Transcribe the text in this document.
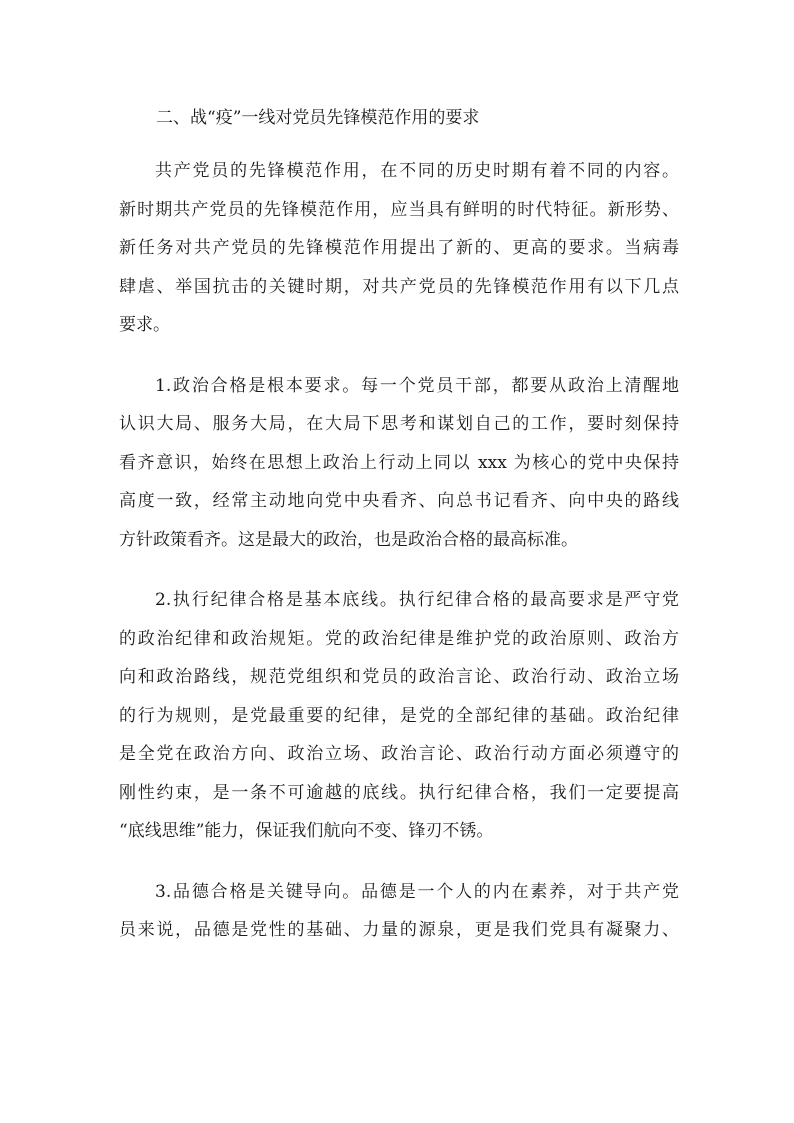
二、战“疫”一线对党员先锋模范作用的要求

共产党员的先锋模范作用，在不同的历史时期有着不同的内容。
新时期共产党员的先锋模范作用，应当具有鲜明的时代特征。新形势、
新任务对共产党员的先锋模范作用提出了新的、更高的要求。当病毒
肆虐、举国抗击的关键时期，对共产党员的先锋模范作用有以下几点
要求。

1.政治合格是根本要求。每一个党员干部，都要从政治上清醒地
认识大局、服务大局，在大局下思考和谋划自己的工作，要时刻保持
看齐意识，始终在思想上政治上行动上同以 xxx 为核心的党中央保持
高度一致，经常主动地向党中央看齐、向总书记看齐、向中央的路线
方针政策看齐。这是最大的政治，也是政治合格的最高标准。

2.执行纪律合格是基本底线。执行纪律合格的最高要求是严守党
的政治纪律和政治规矩。党的政治纪律是维护党的政治原则、政治方
向和政治路线，规范党组织和党员的政治言论、政治行动、政治立场
的行为规则，是党最重要的纪律，是党的全部纪律的基础。政治纪律
是全党在政治方向、政治立场、政治言论、政治行动方面必须遵守的
刚性约束，是一条不可逾越的底线。执行纪律合格，我们一定要提高
“底线思维”能力，保证我们航向不变、锋刃不锈。

3.品德合格是关键导向。品德是一个人的内在素养，对于共产党
员来说，品德是党性的基础、力量的源泉，更是我们党具有凝聚力、
